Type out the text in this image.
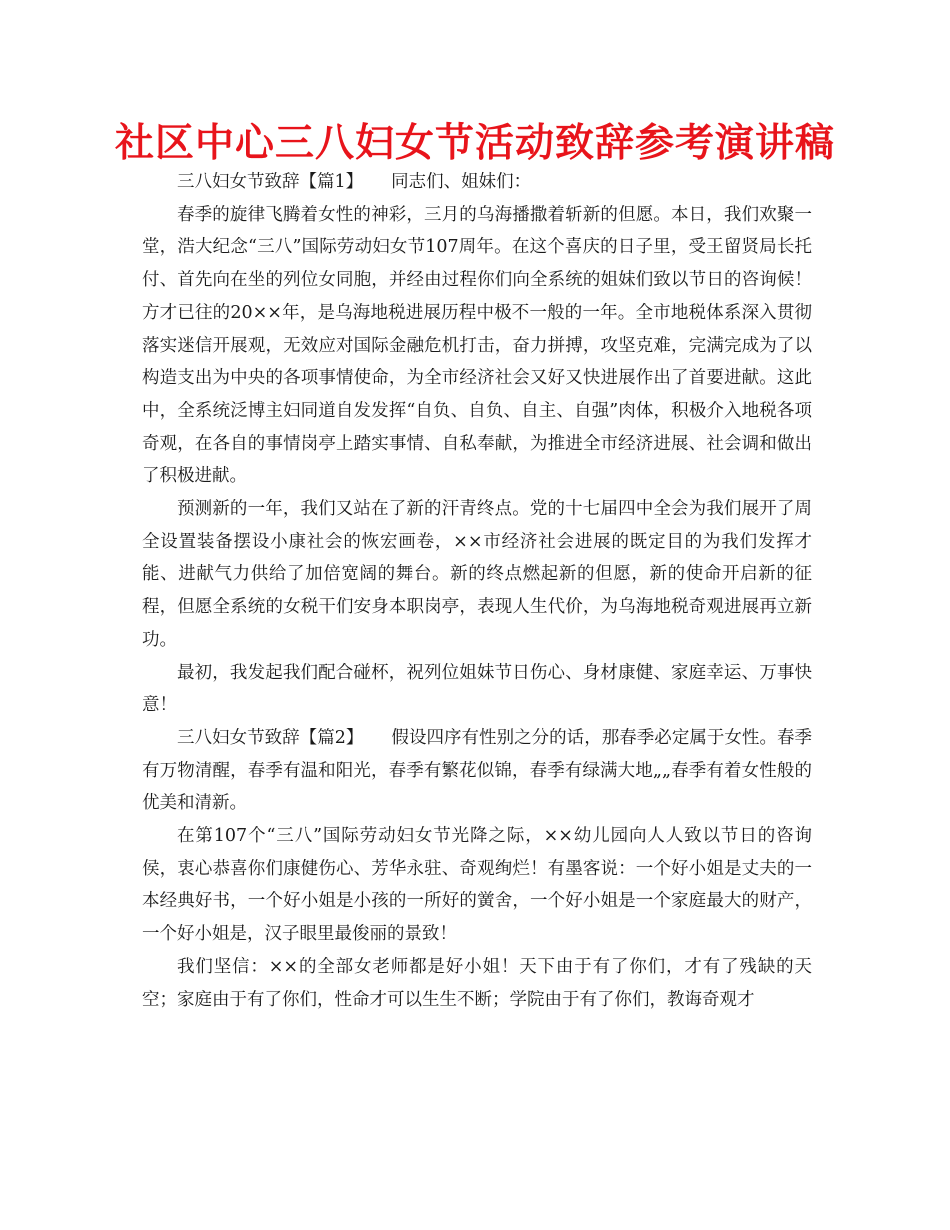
社区中心三八妇女节活动致辞参考演讲稿

三八妇女节致辞【篇1】 同志们、姐妹们：

春季的旋律飞腾着女性的神彩，三月的乌海播撒着斩新的但愿。本日，我们欢聚一堂，浩大纪念“三八”国际劳动妇女节107周年。在这个喜庆的日子里，受王留贤局长托付、首先向在坐的列位女同胞，并经由过程你们向全系统的姐妹们致以节日的咨询候！方才已往的20××年，是乌海地税进展历程中极不一般的一年。全市地税体系深入贯彻落实迷信开展观，无效应对国际金融危机打击，奋力拼搏，攻坚克难，完满完成为了以构造支出为中央的各项事情使命，为全市经济社会又好又快进展作出了首要进献。这此中，全系统泛博主妇同道自发发挥“自负、自负、自主、自强”肉体，积极介入地税各项奇观，在各自的事情岗亭上踏实事情、自私奉献，为推进全市经济进展、社会调和做出了积极进献。

预测新的一年，我们又站在了新的汗青终点。党的十七届四中全会为我们展开了周全设置装备摆设小康社会的恢宏画卷，××市经济社会进展的既定目的为我们发挥才能、进献气力供给了加倍宽阔的舞台。新的终点燃起新的但愿，新的使命开启新的征程，但愿全系统的女税干们安身本职岗亭，表现人生代价，为乌海地税奇观进展再立新功。

最初，我发起我们配合碰杯，祝列位姐妹节日伤心、身材康健、家庭幸运、万事快意！

三八妇女节致辞【篇2】 假设四序有性别之分的话，那春季必定属于女性。春季有万物清醒，春季有温和阳光，春季有繁花似锦，春季有绿满大地„„春季有着女性般的优美和清新。

在第107个“三八”国际劳动妇女节光降之际，××幼儿园向人人致以节日的咨询侯，衷心恭喜你们康健伤心、芳华永驻、奇观绚烂！有墨客说：一个好小姐是丈夫的一本经典好书，一个好小姐是小孩的一所好的黉舍，一个好小姐是一个家庭最大的财产，一个好小姐是，汉子眼里最俊丽的景致！

我们坚信：××的全部女老师都是好小姐！天下由于有了你们，才有了残缺的天空；家庭由于有了你们，性命才可以生生不断；学院由于有了你们，教诲奇观才
